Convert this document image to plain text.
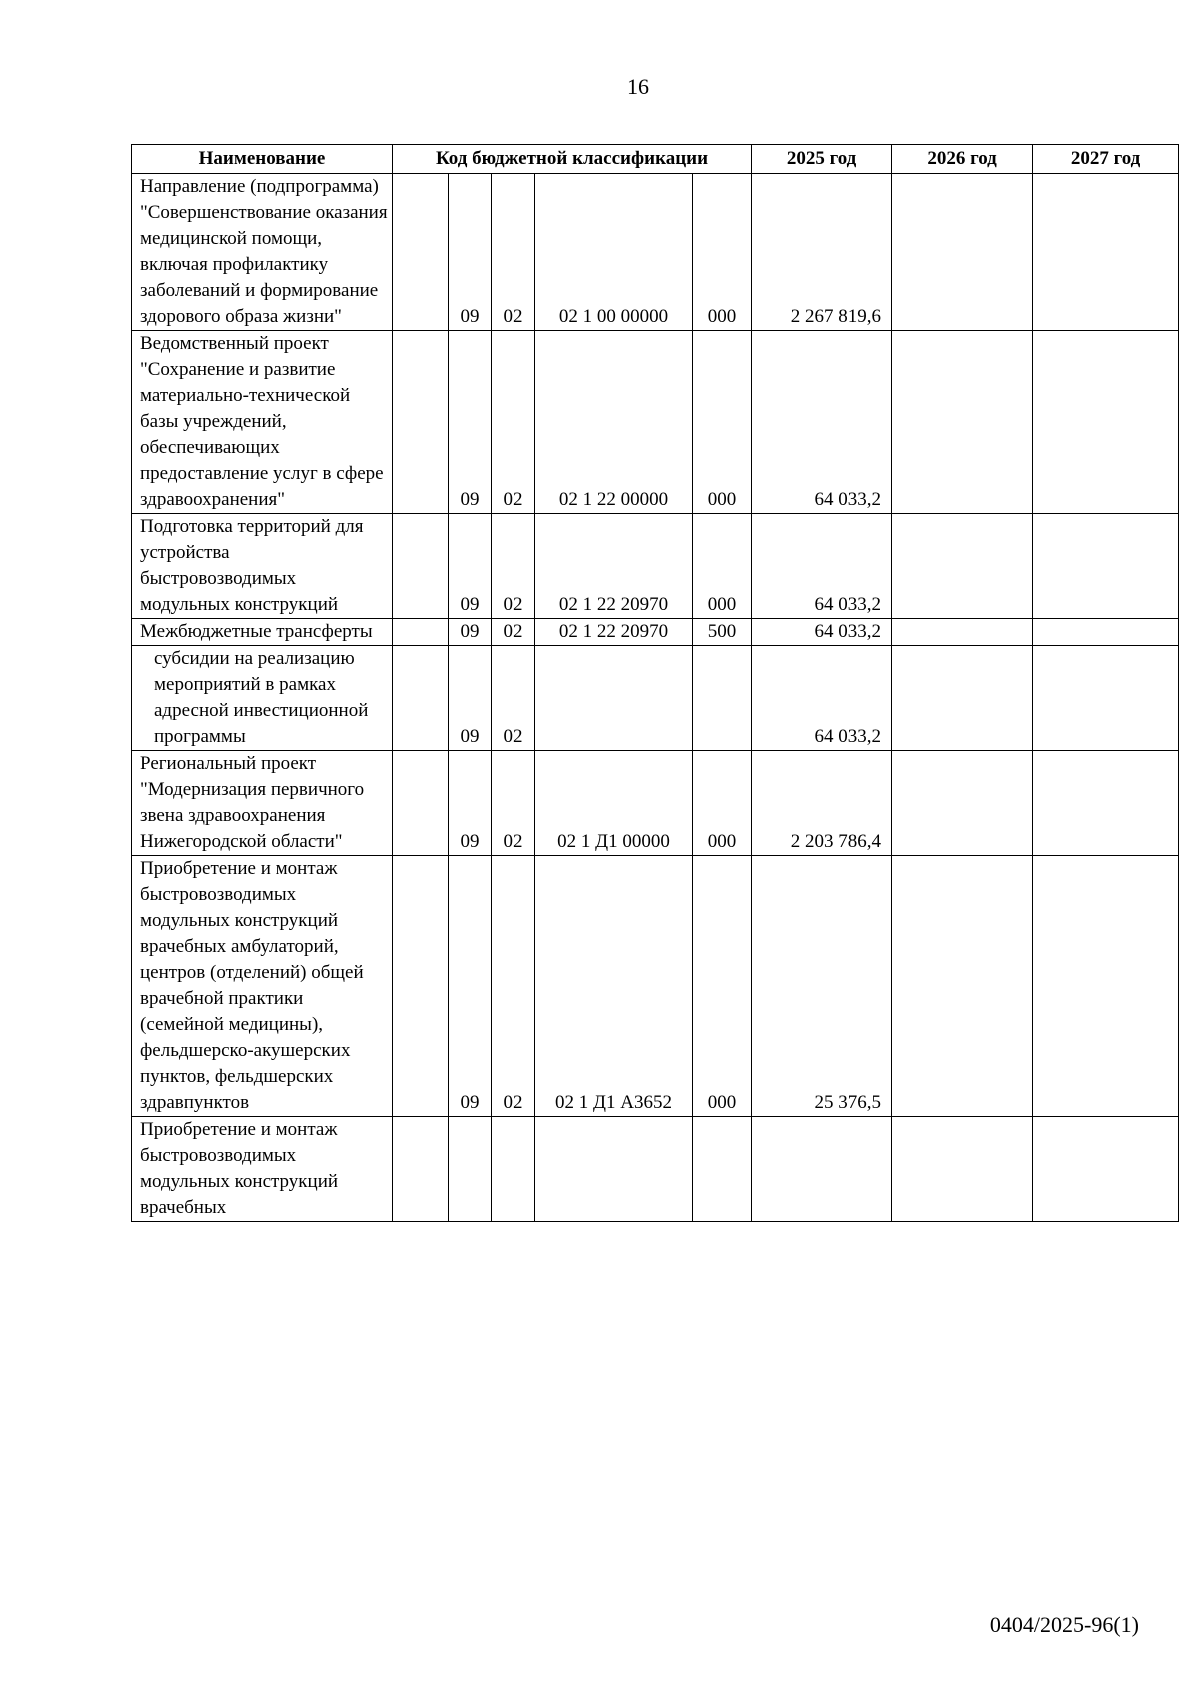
16
Наименование	Код бюджетной классификации					2025 год	2026 год	2027 год
Направление (подпрограмма) "Совершенствование оказания медицинской помощи, включая профилактику заболеваний и формирование здорового образа жизни"		09	02	02 1 00 00000	000	2 267 819,6		
Ведомственный проект "Сохранение и развитие материально-технической базы учреждений, обеспечивающих предоставление услуг в сфере здравоохранения"		09	02	02 1 22 00000	000	64 033,2		
Подготовка территорий для устройства быстровозводимых модульных конструкций		09	02	02 1 22 20970	000	64 033,2		
Межбюджетные трансферты		09	02	02 1 22 20970	500	64 033,2		
субсидии на реализацию мероприятий в рамках адресной инвестиционной программы		09	02			64 033,2		
Региональный проект "Модернизация первичного звена здравоохранения Нижегородской области"		09	02	02 1 Д1 00000	000	2 203 786,4		
Приобретение и монтаж быстровозводимых модульных конструкций врачебных амбулаторий, центров (отделений) общей врачебной практики (семейной медицины), фельдшерско-акушерских пунктов, фельдшерских здравпунктов		09	02	02 1 Д1 А3652	000	25 376,5		
Приобретение и монтаж быстровозводимых модульных конструкций врачебных								
0404/2025-96(1)
